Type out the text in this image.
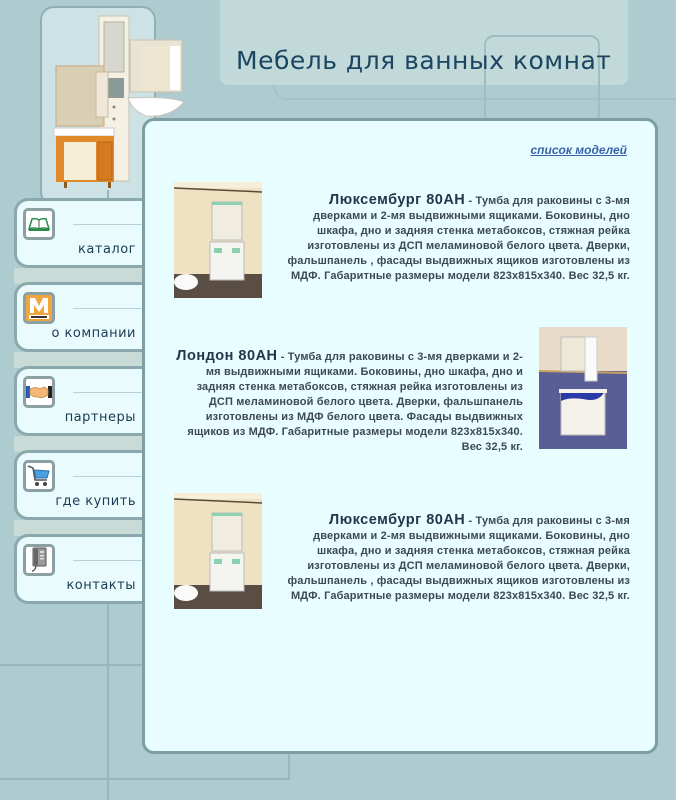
Мебель для ванных комнат
каталог
о компании
партнеры
где купить
контакты
список моделей
Люксембург 80АН - Тумба для раковины с 3-мя дверками и 2-мя выдвижными ящиками. Боковины, дно шкафа, дно и задняя стенка метабоксов, стяжная рейка изготовлены из ДСП меламиновой белого цвета. Дверки, фальшпанель , фасады выдвижных ящиков изготовлены из МДФ. Габаритные размеры модели 823x815x340. Вес 32,5 кг.
Лондон 80АН - Тумба для раковины с 3-мя дверками и 2-мя выдвижными ящиками. Боковины, дно шкафа, дно и задняя стенка метабоксов, стяжная рейка изготовлены из ДСП меламиновой белого цвета. Дверки, фальшпанель изготовлены из МДФ белого цвета. Фасады выдвижных ящиков из МДФ. Габаритные размеры модели 823x815x340. Вес 32,5 кг.
Люксембург 80АН - Тумба для раковины с 3-мя дверками и 2-мя выдвижными ящиками. Боковины, дно шкафа, дно и задняя стенка метабоксов, стяжная рейка изготовлены из ДСП меламиновой белого цвета. Дверки, фальшпанель , фасады выдвижных ящиков изготовлены из МДФ. Габаритные размеры модели 823x815x340. Вес 32,5 кг.
